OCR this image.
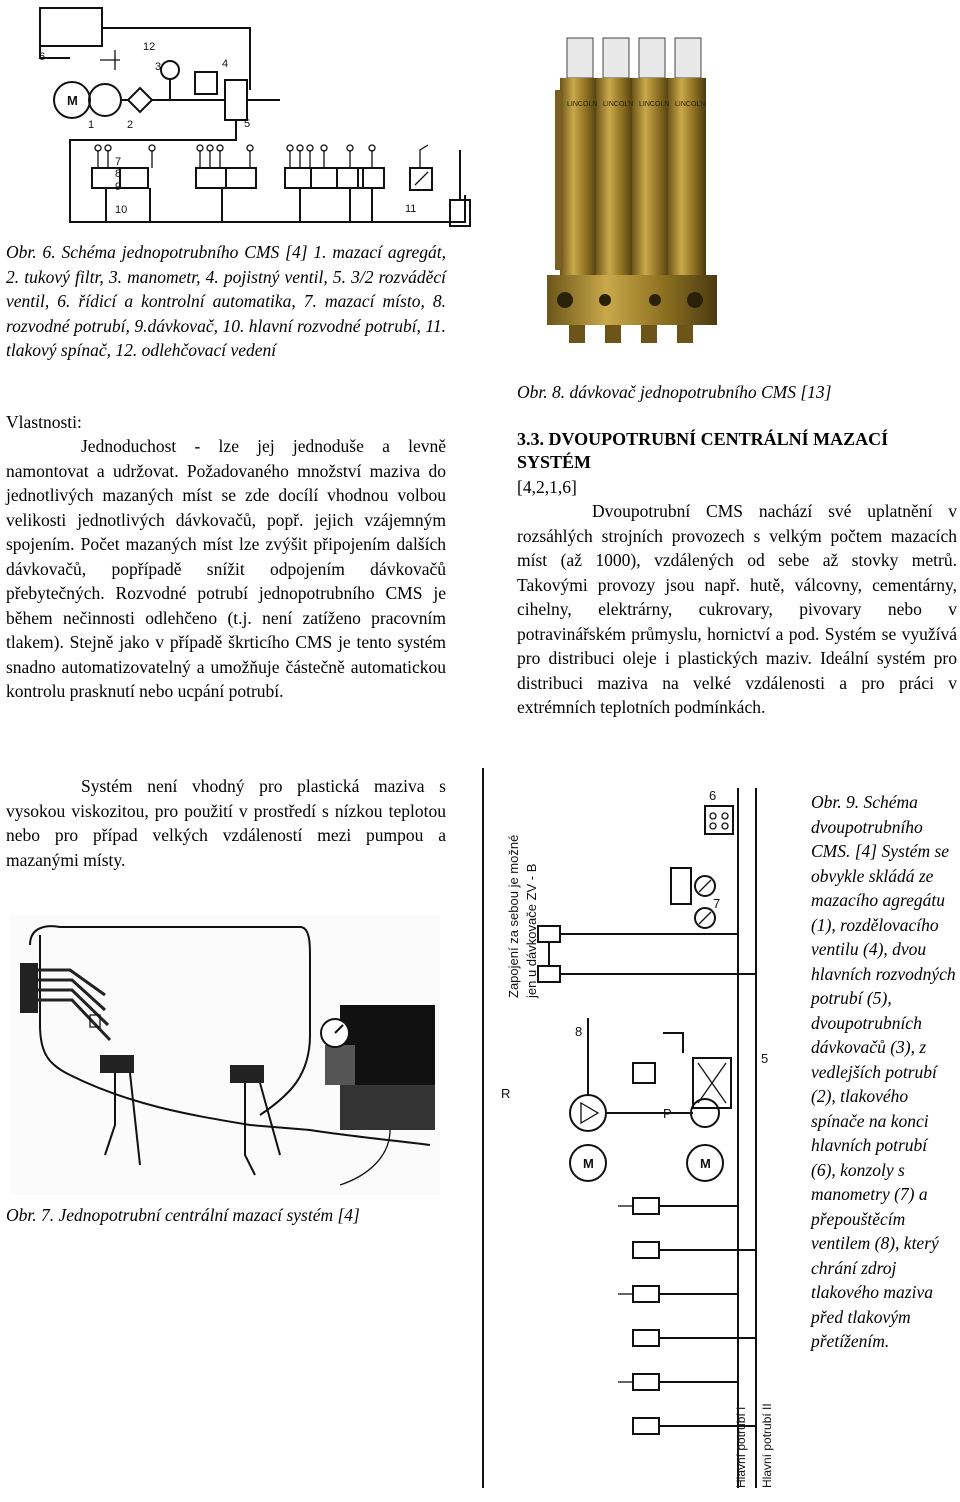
6
12
3	4
7
8
9
1	2	5
10	11
M
Obr. 6. Schéma jednopotrubního CMS [4] 1. mazací agregát, 2. tukový filtr, 3. manometr, 4. pojistný ventil, 5. 3/2 rozváděcí ventil, 6. řídicí a kontrolní automatika, 7. mazací místo, 8. rozvodné potrubí, 9.dávkovač, 10. hlavní rozvodné potrubí, 11. tlakový spínač, 12. odlehčovací vedení
Vlastnosti:
Jednoduchost - lze jej jednoduše a levně namontovat a udržovat. Požadovaného množství maziva do jednotlivých mazaných míst se zde docílí vhodnou volbou velikosti jednotlivých dávkovačů, popř. jejich vzájemným spojením. Počet mazaných míst lze zvýšit připojením dalších dávkovačů, popřípadě snížit odpojením dávkovačů přebytečných. Rozvodné potrubí jednopotrubního CMS je během nečinnosti odlehčeno (t.j. není zatíženo pracovním tlakem). Stejně jako v případě škrticího CMS je tento systém snadno automatizovatelný a umožňuje částečně automatickou kontrolu prasknutí nebo ucpání potrubí.
Systém není vhodný pro plastická maziva s vysokou viskozitou, pro použití v prostředí s nízkou teplotou nebo pro případ velkých vzdáleností mezi pumpou a mazanými místy.
Obr. 7. Jednopotrubní centrální mazací systém [4]
LINCOLN LINCOLN LINCOLN LINCOLN
Obr. 8. dávkovač jednopotrubního CMS [13]
3.3. DVOUPOTRUBNÍ CENTRÁLNÍ MAZACÍ SYSTÉM
[4,2,1,6]
Dvoupotrubní CMS nachází své uplatnění v rozsáhlých strojních provozech s velkým počtem mazacích míst (až 1000), vzdálených od sebe až stovky metrů. Takovými provozy jsou např. hutě, válcovny, cementárny, cihelny, elektrárny, cukrovary, pivovary nebo v potravinářském průmyslu, hornictví a pod. Systém se využívá pro distribuci oleje i plastických maziv. Ideální systém pro distribuci maziva na velké vzdálenosti a pro práci v extrémních teplotních podmínkách.
Zapojení za sebou je možné jen u dávkovače ZV - B
Hlavní potrubí I Hlavní potrubí II
R
8
P
5
6
7
M	M
Obr. 9. Schéma dvoupotrubního CMS. [4] Systém se obvykle skládá ze mazacího agregátu (1), rozdělovacího ventilu (4), dvou hlavních rozvodných potrubí (5), dvoupotrubních dávkovačů (3), z vedlejších potrubí (2), tlakového spínače na konci hlavních potrubí (6), konzoly s manometry (7) a přepouštěcím ventilem (8), který chrání zdroj tlakového maziva před tlakovým přetížením.
